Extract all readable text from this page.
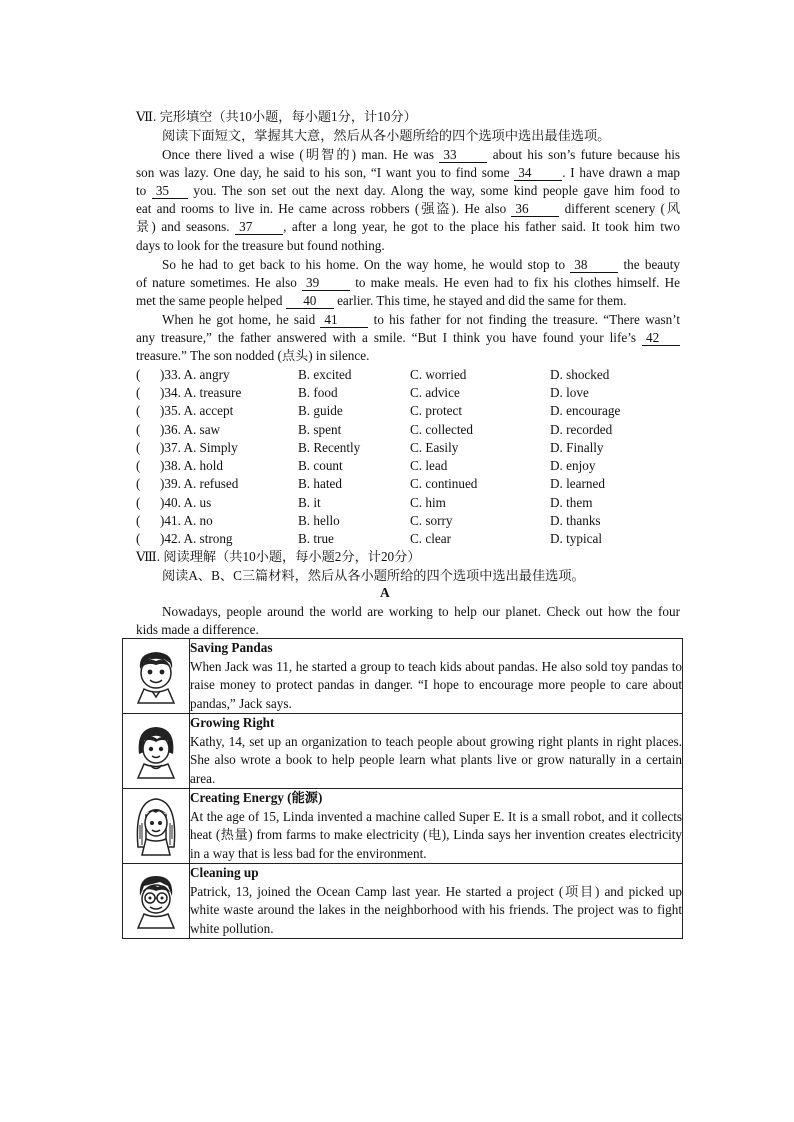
Ⅶ. 完形填空（共10小题，每小题1分，计10分）
阅读下面短文，掌握其大意，然后从各小题所给的四个选项中选出最佳选项。
Once there lived a wise (明智的) man. He was 33	about his son’s future because his
son was lazy. One day, he said to his son, “I want you to find some 34 . I have drawn a map
to 35 you. The son set out the next day. Along the way, some kind people gave him food to
eat and rooms to live in. He came across robbers (强盗). He also 36	different scenery (风
景) and seasons. 37 , after a long year, he got to the place his father said. It took him two
days to look for the treasure but found nothing.
So he had to get back to his home. On the way home, he would stop to 38	the beauty
of nature sometimes. He also 39	to make meals. He even had to fix his clothes himself. He
met the same people helped 40 earlier. This time, he stayed and did the same for them.
When he got home, he said 41	to his father for not finding the treasure. “There wasn’t
any treasure,” the father answered with a smile. “But I think you have found your life’s 42
treasure.” The son nodded (点头) in silence.
( )33. A. angry	B. excited	C. worried	D. shocked
( )34. A. treasure	B. food	C. advice	D. love
( )35. A. accept	B. guide	C. protect	D. encourage
( )36. A. saw	B. spent	C. collected	D. recorded
( )37. A. Simply	B. Recently	C. Easily	D. Finally
( )38. A. hold	B. count	C. lead	D. enjoy
( )39. A. refused	B. hated	C. continued	D. learned
( )40. A. us	B. it	C. him	D. them
( )41. A. no	B. hello	C. sorry	D. thanks
( )42. A. strong	B. true	C. clear	D. typical
Ⅷ. 阅读理解（共10小题，每小题2分，计20分）
阅读A、B、C三篇材料，然后从各小题所给的四个选项中选出最佳选项。
A
Nowadays, people around the world are working to help our planet. Check out how the four
kids made a difference.

Saving Pandas
When Jack was 11, he started a group to teach kids about pandas. He also sold toy pandas to raise money to protect pandas in danger. “I hope to encourage more people to care about pandas,” Jack says.

Growing Right
Kathy, 14, set up an organization to teach people about growing right plants in right places. She also wrote a book to help people learn what plants live or grow naturally in a certain area.

Creating Energy (能源)
At the age of 15, Linda invented a machine called Super E. It is a small robot, and it collects heat (热量) from farms to make electricity (电), Linda says her invention creates electricity in a way that is less bad for the environment.

Cleaning up
Patrick, 13, joined the Ocean Camp last year. He started a project (项目) and picked up white waste around the lakes in the neighborhood with his friends. The project was to fight white pollution.
